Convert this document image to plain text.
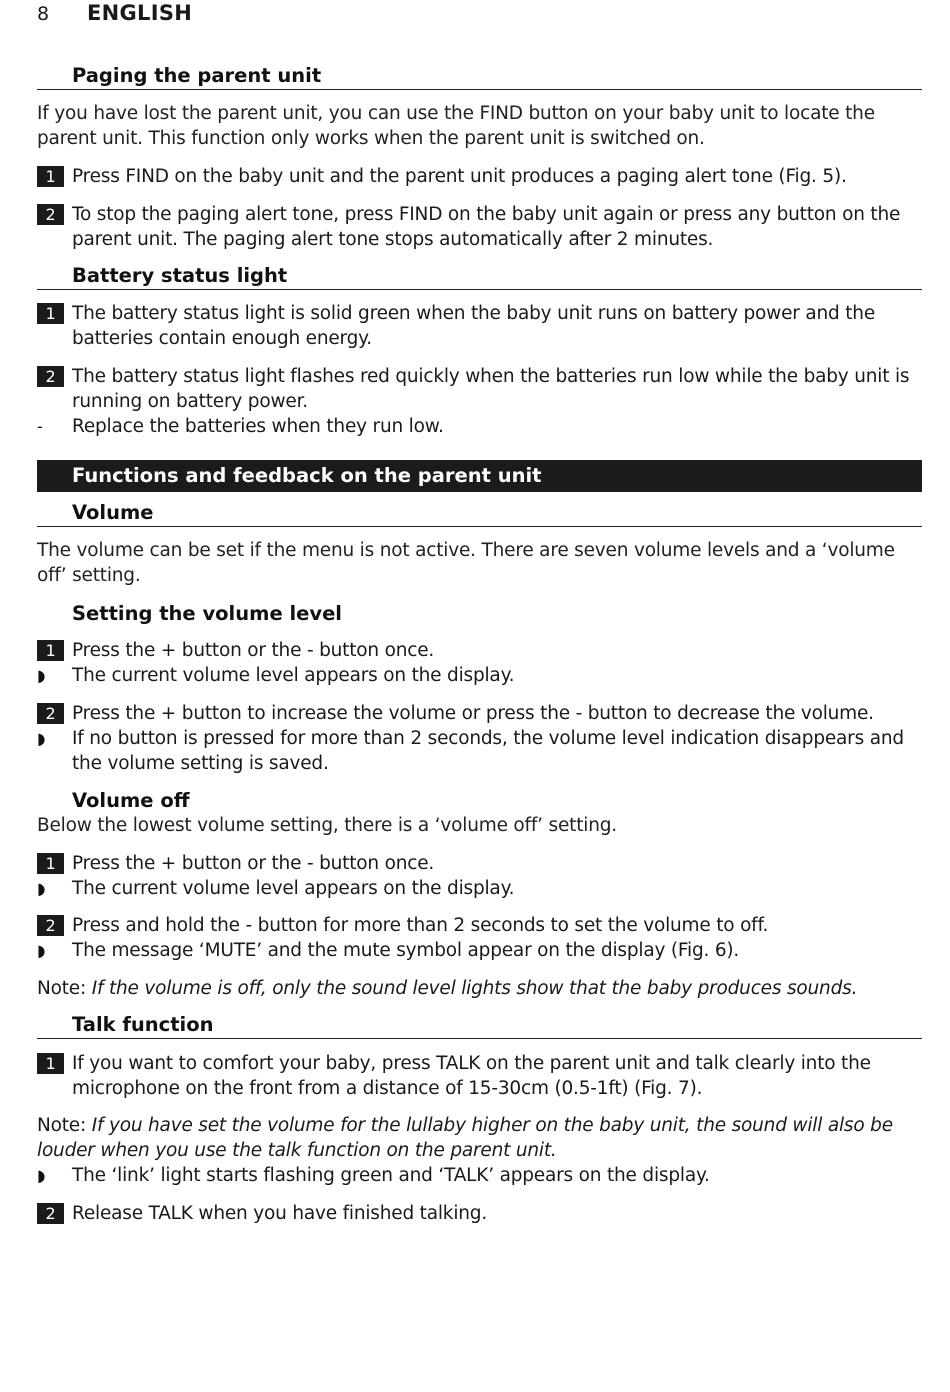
8 ENGLISH
Paging the parent unit
If you have lost the parent unit, you can use the FIND button on your baby unit to locate the parent unit. This function only works when the parent unit is switched on.
1 Press FIND on the baby unit and the parent unit produces a paging alert tone (Fig. 5).
2 To stop the paging alert tone, press FIND on the baby unit again or press any button on the parent unit. The paging alert tone stops automatically after 2 minutes.
Battery status light
1 The battery status light is solid green when the baby unit runs on battery power and the batteries contain enough energy.
2 The battery status light flashes red quickly when the batteries run low while the baby unit is running on battery power.
-	Replace the batteries when they run low.
Functions and feedback on the parent unit
Volume
The volume can be set if the menu is not active. There are seven volume levels and a ‘volume off’ setting.
Setting the volume level
1 Press the + button or the - button once.
◗	The current volume level appears on the display.
2 Press the + button to increase the volume or press the - button to decrease the volume.
◗	If no button is pressed for more than 2 seconds, the volume level indication disappears and the volume setting is saved.
Volume off
Below the lowest volume setting, there is a ‘volume off’ setting.
1 Press the + button or the - button once.
◗	The current volume level appears on the display.
2 Press and hold the - button for more than 2 seconds to set the volume to off.
◗	The message ‘MUTE’ and the mute symbol appear on the display (Fig. 6).
Note: If the volume is off, only the sound level lights show that the baby produces sounds.
Talk function
1 If you want to comfort your baby, press TALK on the parent unit and talk clearly into the microphone on the front from a distance of 15-30cm (0.5-1ft) (Fig. 7).
Note: If you have set the volume for the lullaby higher on the baby unit, the sound will also be louder when you use the talk function on the parent unit.
◗	The ‘link’ light starts flashing green and ‘TALK’ appears on the display.
2 Release TALK when you have finished talking.
